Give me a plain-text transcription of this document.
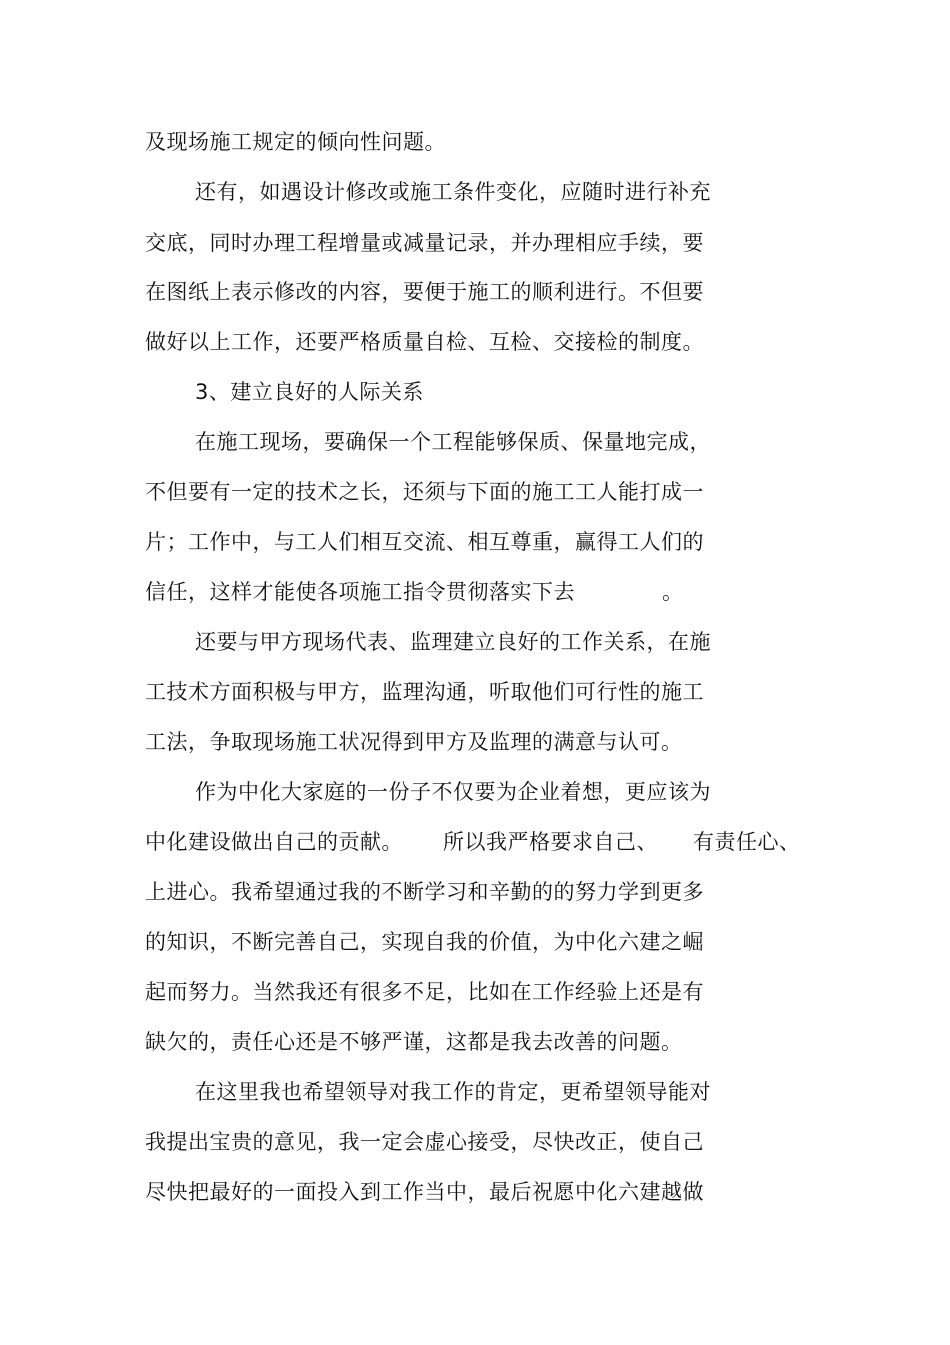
及现场施工规定的倾向性问题。
还有，如遇设计修改或施工条件变化，应随时进行补充
交底，同时办理工程增量或减量记录，并办理相应手续，要
在图纸上表示修改的内容，要便于施工的顺利进行。不但要
做好以上工作，还要严格质量自检、互检、交接检的制度。
3、建立良好的人际关系
在施工现场，要确保一个工程能够保质、保量地完成，
不但要有一定的技术之长，还须与下面的施工工人能打成一
片；工作中，与工人们相互交流、相互尊重，赢得工人们的
信任，这样才能使各项施工指令贯彻落实下去	。
还要与甲方现场代表、监理建立良好的工作关系，在施
工技术方面积极与甲方，监理沟通，听取他们可行性的施工
工法，争取现场施工状况得到甲方及监理的满意与认可。
作为中化大家庭的一份子不仅要为企业着想，更应该为
中化建设做出自己的贡献。 所以我严格要求自己、 有责任心、
上进心。我希望通过我的不断学习和辛勤的的努力学到更多
的知识，不断完善自己，实现自我的价值，为中化六建之崛
起而努力。当然我还有很多不足，比如在工作经验上还是有
缺欠的，责任心还是不够严谨，这都是我去改善的问题。
在这里我也希望领导对我工作的肯定，更希望领导能对
我提出宝贵的意见，我一定会虚心接受，尽快改正，使自己
尽快把最好的一面投入到工作当中，最后祝愿中化六建越做
